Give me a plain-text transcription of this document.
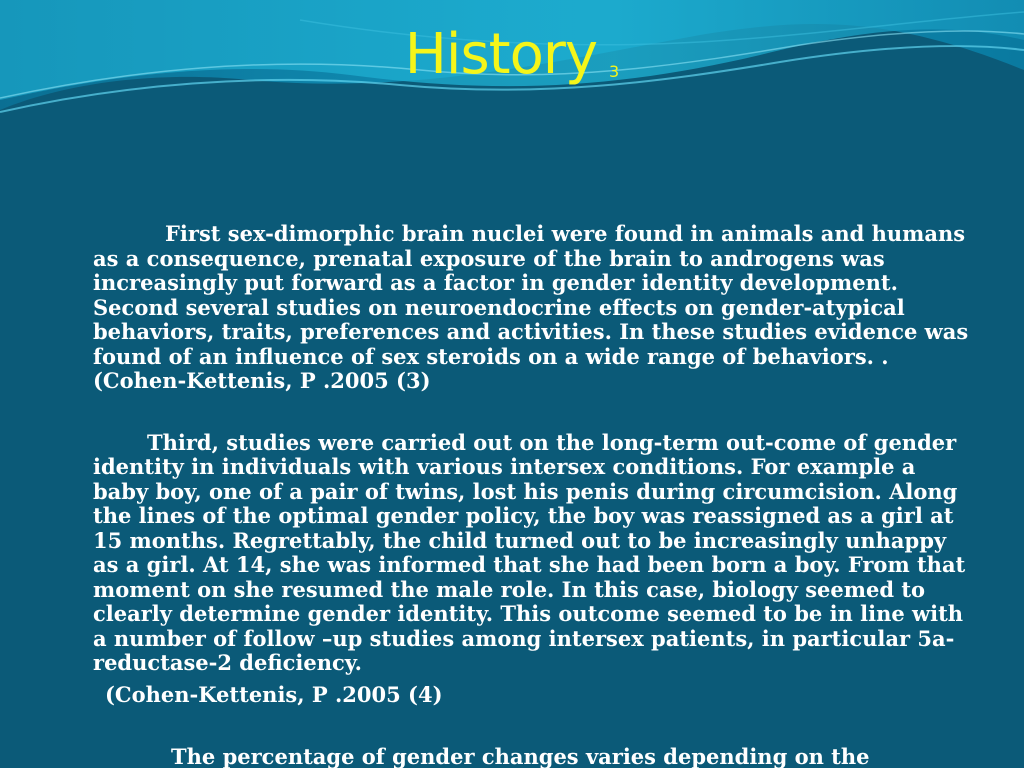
History 3

First sex-dimorphic brain nuclei were found in animals and humans as a consequence, prenatal exposure of the brain to androgens was increasingly put forward as a factor in gender identity development. Second several studies on neuroendocrine effects on gender-atypical behaviors, traits, preferences and activities. In these studies evidence was found of an influence of sex steroids on a wide range of behaviors. . (Cohen-Kettenis, P .2005 (3)

Third, studies were carried out on the long-term out-come of gender identity in individuals with various intersex conditions. For example a baby boy, one of a pair of twins, lost his penis during circumcision. Along the lines of the optimal gender policy, the boy was reassigned as a girl at 15 months. Regrettably, the child turned out to be increasingly unhappy as a girl. At 14, she was informed that she had been born a boy. From that moment on she resumed the male role. In this case, biology seemed to clearly determine gender identity. This outcome seemed to be in line with a number of follow –up studies among intersex patients, in particular 5a-reductase-2 deficiency.

(Cohen-Kettenis, P .2005 (4)

The percentage of gender changes varies depending on the
